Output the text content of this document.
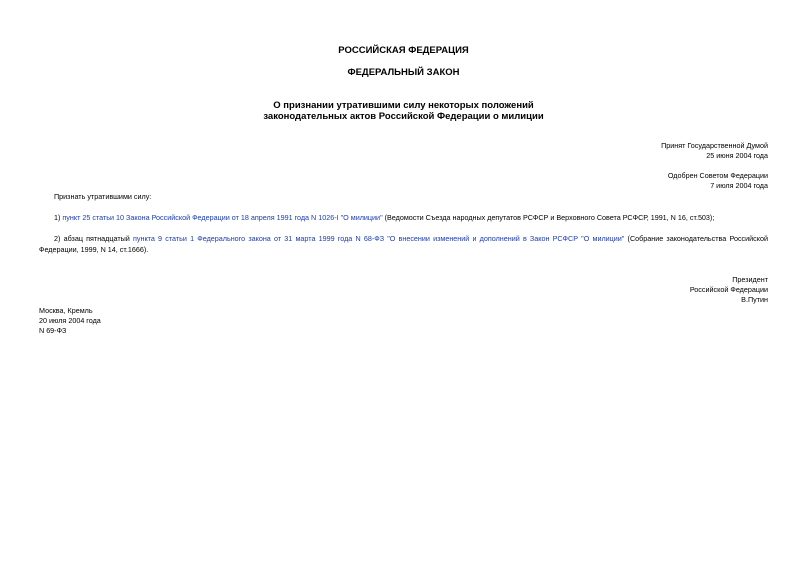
РОССИЙСКАЯ ФЕДЕРАЦИЯ
ФЕДЕРАЛЬНЫЙ ЗАКОН
О признании утратившими силу некоторых положений
законодательных актов Российской Федерации о милиции
Принят Государственной Думой
25 июня 2004 года
Одобрен Советом Федерации
7 июля 2004 года
Признать утратившими силу:
1) пункт 25 статьи 10 Закона Российской Федерации от 18 апреля 1991 года N 1026-I "О милиции" (Ведомости Съезда народных депутатов РСФСР и Верховного Совета РСФСР, 1991, N 16, ст.503);
2) абзац пятнадцатый пункта 9 статьи 1 Федерального закона от 31 марта 1999 года N 68-ФЗ "О внесении изменений и дополнений в Закон РСФСР "О милиции" (Собрание законодательства Российской Федерации, 1999, N 14, ст.1666).
Президент
Российской Федерации
В.Путин
Москва, Кремль
20 июля 2004 года
N 69-ФЗ
